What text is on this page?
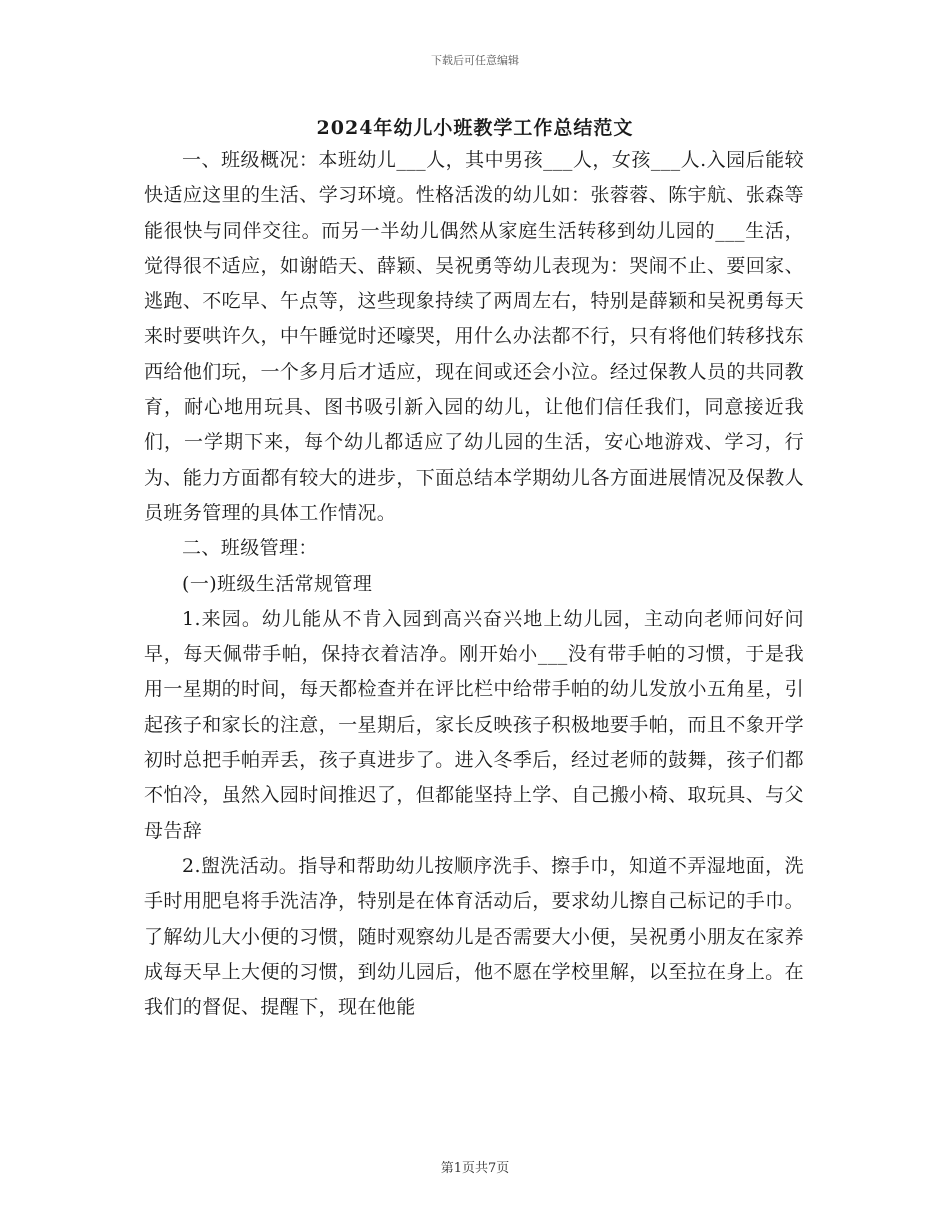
下载后可任意编辑
2024年幼儿小班教学工作总结范文

一、班级概况：本班幼儿___人，其中男孩___人，女孩___人.入园后能较快适应这里的生活、学习环境。性格活泼的幼儿如：张蓉蓉、陈宇航、张森等能很快与同伴交往。而另一半幼儿偶然从家庭生活转移到幼儿园的___生活，觉得很不适应，如谢皓天、薛颖、吴祝勇等幼儿表现为：哭闹不止、要回家、逃跑、不吃早、午点等，这些现象持续了两周左右，特别是薛颖和吴祝勇每天来时要哄许久，中午睡觉时还嚎哭，用什么办法都不行，只有将他们转移找东西给他们玩，一个多月后才适应，现在间或还会小泣。经过保教人员的共同教育，耐心地用玩具、图书吸引新入园的幼儿，让他们信任我们，同意接近我们，一学期下来，每个幼儿都适应了幼儿园的生活，安心地游戏、学习，行为、能力方面都有较大的进步，下面总结本学期幼儿各方面进展情况及保教人员班务管理的具体工作情况。

二、班级管理：

(一)班级生活常规管理

1.来园。幼儿能从不肯入园到高兴奋兴地上幼儿园，主动向老师问好问早，每天佩带手帕，保持衣着洁净。刚开始小___没有带手帕的习惯，于是我用一星期的时间，每天都检查并在评比栏中给带手帕的幼儿发放小五角星，引起孩子和家长的注意，一星期后，家长反映孩子积极地要手帕，而且不象开学初时总把手帕弄丢，孩子真进步了。进入冬季后，经过老师的鼓舞，孩子们都不怕冷，虽然入园时间推迟了，但都能坚持上学、自己搬小椅、取玩具、与父母告辞

2.盥洗活动。指导和帮助幼儿按顺序洗手、擦手巾，知道不弄湿地面，洗手时用肥皂将手洗洁净，特别是在体育活动后，要求幼儿擦自己标记的手巾。了解幼儿大小便的习惯，随时观察幼儿是否需要大小便，吴祝勇小朋友在家养成每天早上大便的习惯，到幼儿园后，他不愿在学校里解，以至拉在身上。在我们的督促、提醒下，现在他能

第1页共7页
